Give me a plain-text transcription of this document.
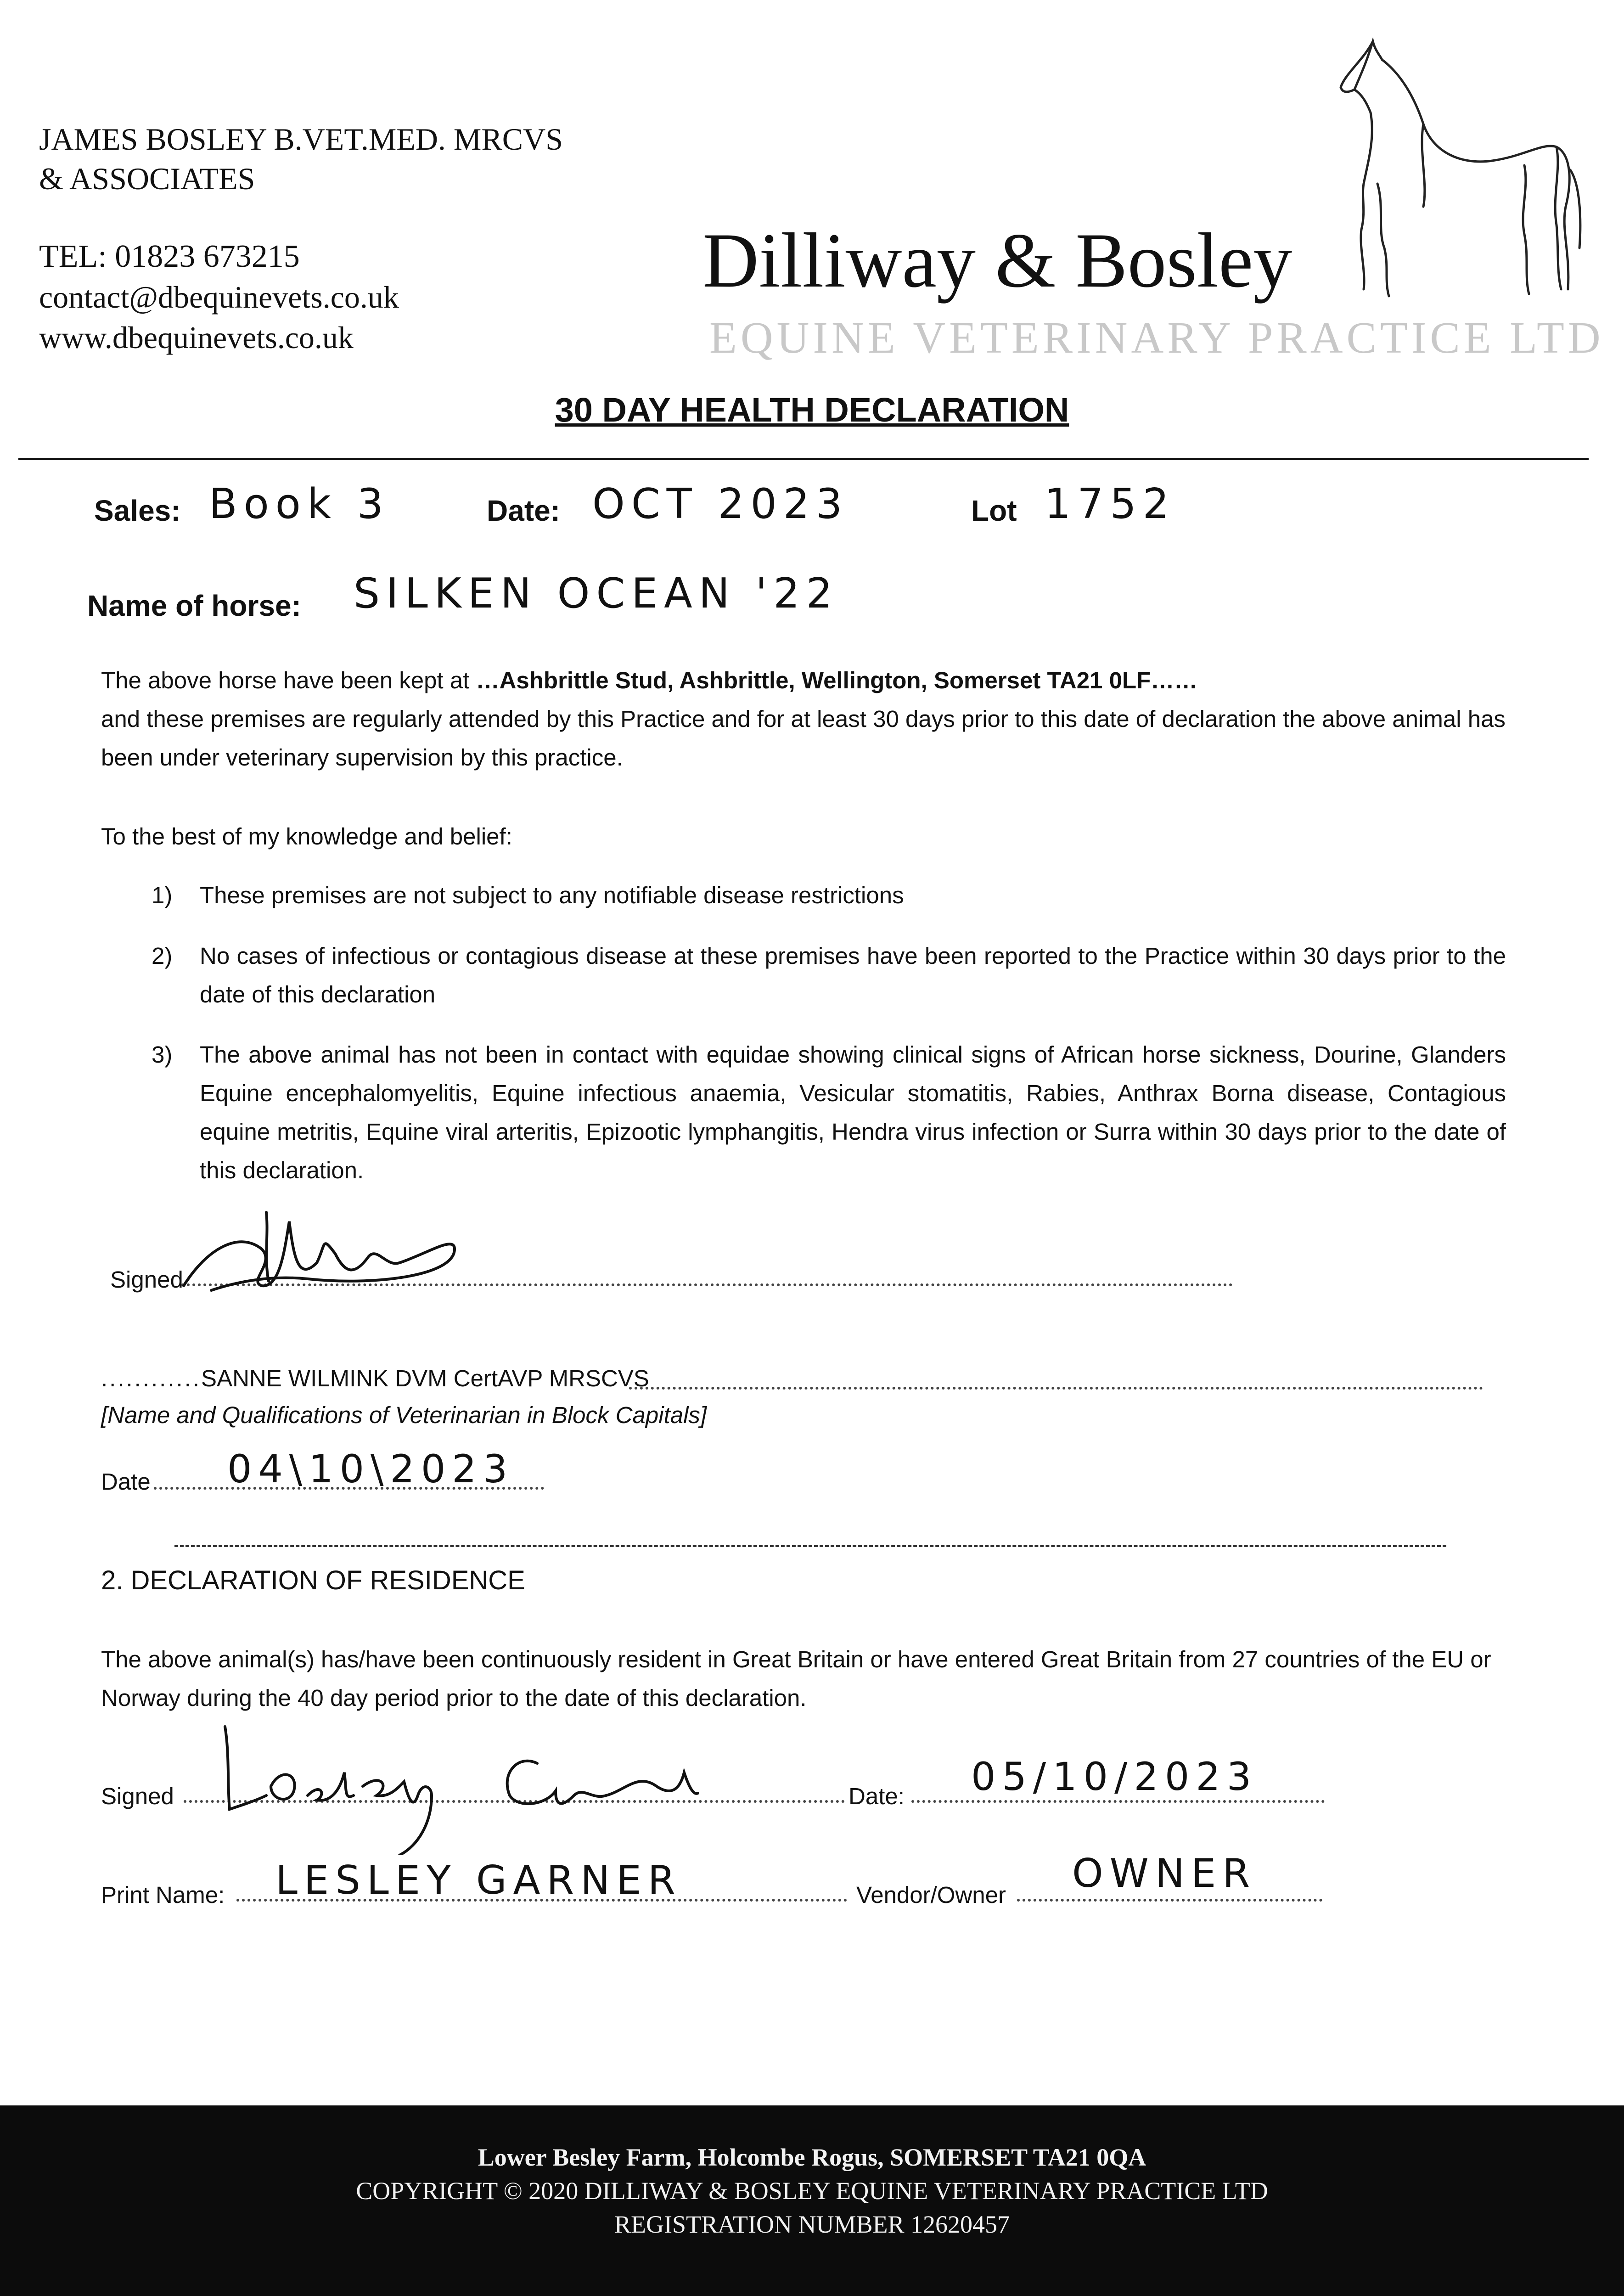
JAMES BOSLEY B.VET.MED. MRCVS
& ASSOCIATES
TEL: 01823 673215
contact@dbequinevets.co.uk
www.dbequinevets.co.uk
Dilliway & Bosley
EQUINE VETERINARY PRACTICE LTD
30 DAY HEALTH DECLARATION
Sales: Book 3	Date: OCT 2023	Lot 1752
Name of horse: SILKEN OCEAN '22
The above horse have been kept at …Ashbrittle Stud, Ashbrittle, Wellington, Somerset TA21 0LF……
and these premises are regularly attended by this Practice and for at least 30 days prior to this date of declaration the above animal has been under veterinary supervision by this practice.
To the best of my knowledge and belief:
1) These premises are not subject to any notifiable disease restrictions
2) No cases of infectious or contagious disease at these premises have been reported to the Practice within 30 days prior to the date of this declaration
3) The above animal has not been in contact with equidae showing clinical signs of African horse sickness, Dourine, Glanders Equine encephalomyelitis, Equine infectious anaemia, Vesicular stomatitis, Rabies, Anthrax Borna disease, Contagious equine metritis, Equine viral arteritis, Epizootic lymphangitis, Hendra virus infection or Surra within 30 days prior to the date of this declaration.
Signed
............SANNE WILMINK DVM CertAVP MRSCVS
[Name and Qualifications of Veterinarian in Block Capitals]
Date 04\10\2023
2. DECLARATION OF RESIDENCE
The above animal(s) has/have been continuously resident in Great Britain or have entered Great Britain from 27 countries of the EU or Norway during the 40 day period prior to the date of this declaration.
Signed	Date: 05/10/2023
Print Name: LESLEY GARNER	Vendor/Owner OWNER
Lower Besley Farm, Holcombe Rogus, SOMERSET TA21 0QA
COPYRIGHT © 2020 DILLIWAY & BOSLEY EQUINE VETERINARY PRACTICE LTD
REGISTRATION NUMBER 12620457
